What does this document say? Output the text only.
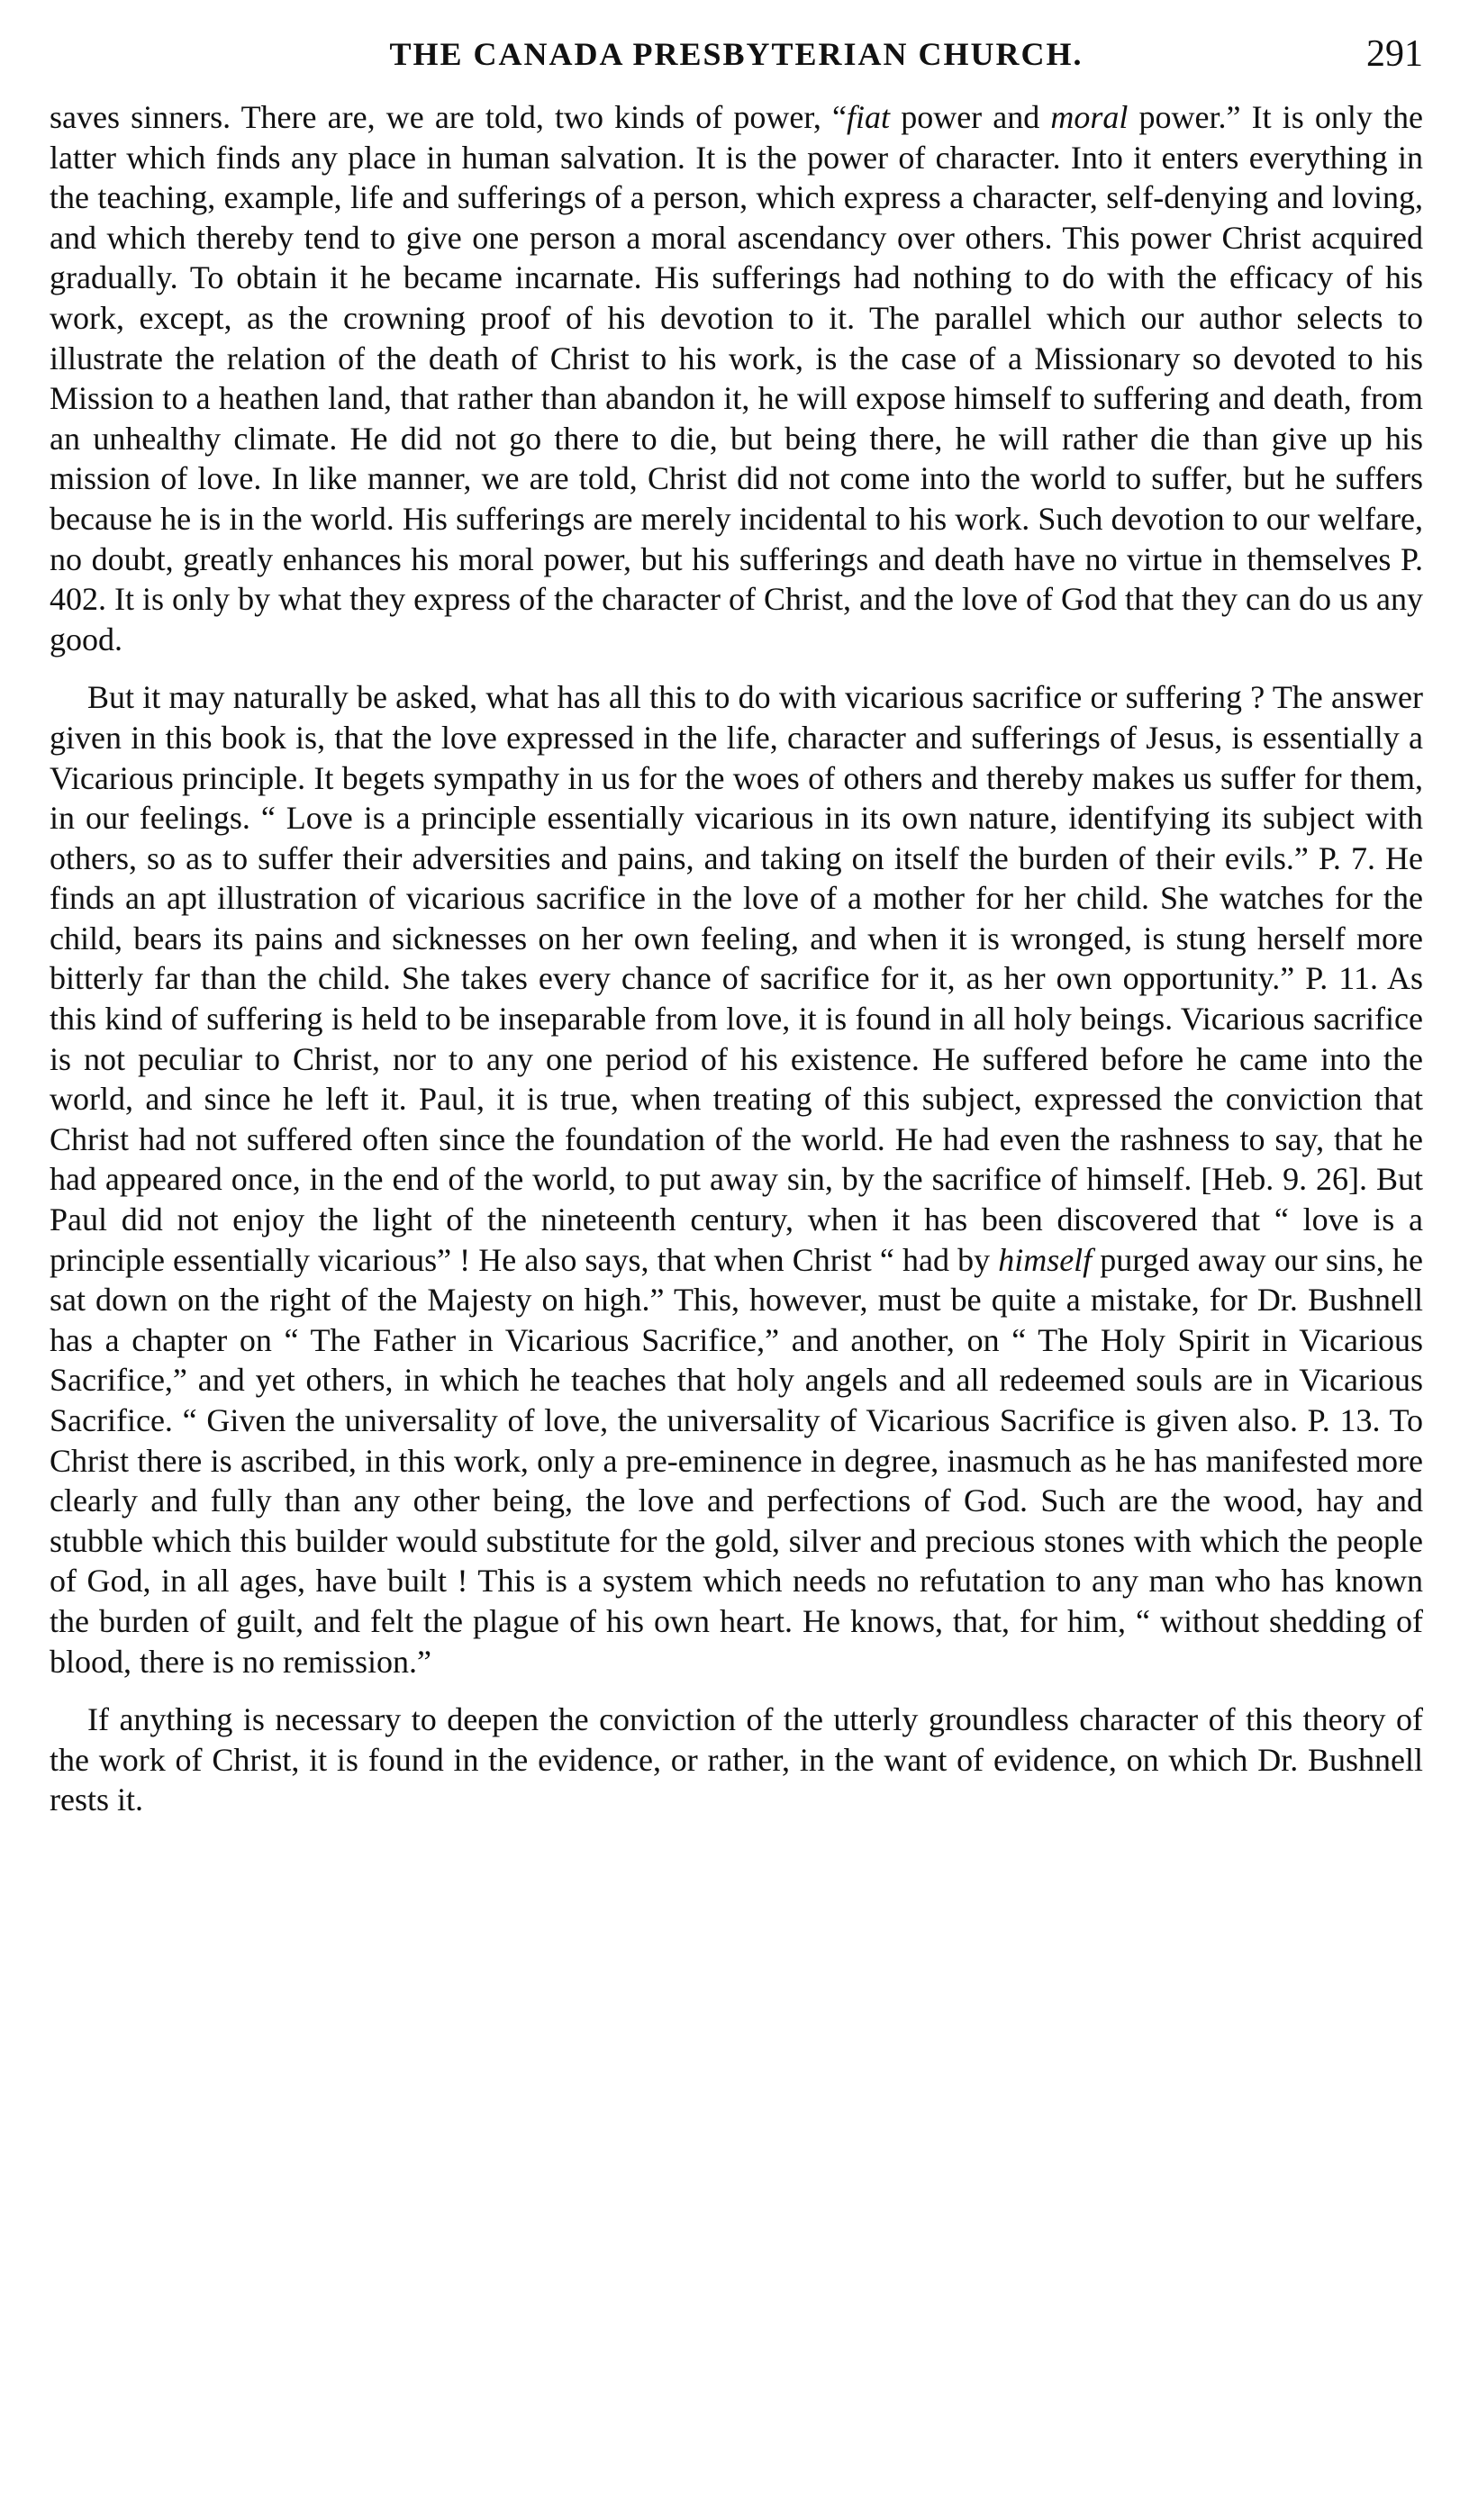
THE CANADA PRESBYTERIAN CHURCH.	291

saves sinners. There are, we are told, two kinds of power, “fiat power and moral power.” It is only the latter which finds any place in human salvation. It is the power of character. Into it enters everything in the teaching, example, life and sufferings of a person, which express a character, self-denying and loving, and which thereby tend to give one person a moral ascendancy over others. This power Christ acquired gradually. To obtain it he became incarnate. His sufferings had nothing to do with the efficacy of his work, except, as the crowning proof of his devotion to it. The parallel which our author selects to illustrate the relation of the death of Christ to his work, is the case of a Missionary so devoted to his Mission to a heathen land, that rather than abandon it, he will expose himself to suffering and death, from an unhealthy climate. He did not go there to die, but being there, he will rather die than give up his mission of love. In like manner, we are told, Christ did not come into the world to suffer, but he suffers because he is in the world. His sufferings are merely incidental to his work. Such devotion to our welfare, no doubt, greatly enhances his moral power, but his sufferings and death have no virtue in themselves P. 402. It is only by what they express of the character of Christ, and the love of God that they can do us any good.

But it may naturally be asked, what has all this to do with vicarious sacrifice or suffering ? The answer given in this book is, that the love expressed in the life, character and sufferings of Jesus, is essentially a Vicarious principle. It begets sympathy in us for the woes of others and thereby makes us suffer for them, in our feelings. “ Love is a principle essentially vicarious in its own nature, identifying its subject with others, so as to suffer their adversities and pains, and taking on itself the burden of their evils.” P. 7. He finds an apt illustration of vicarious sacrifice in the love of a mother for her child. She watches for the child, bears its pains and sicknesses on her own feeling, and when it is wronged, is stung herself more bitterly far than the child. She takes every chance of sacrifice for it, as her own opportunity.” P. 11. As this kind of suffering is held to be inseparable from love, it is found in all holy beings. Vicarious sacrifice is not peculiar to Christ, nor to any one period of his existence. He suffered before he came into the world, and since he left it. Paul, it is true, when treating of this subject, expressed the conviction that Christ had not suffered often since the foundation of the world. He had even the rashness to say, that he had appeared once, in the end of the world, to put away sin, by the sacrifice of himself. [Heb. 9. 26]. But Paul did not enjoy the light of the nineteenth century, when it has been discovered that “ love is a principle essentially vicarious” ! He also says, that when Christ “ had by himself purged away our sins, he sat down on the right of the Majesty on high.” This, however, must be quite a mistake, for Dr. Bushnell has a chapter on “ The Father in Vicarious Sacrifice,” and another, on “ The Holy Spirit in Vicarious Sacrifice,” and yet others, in which he teaches that holy angels and all redeemed souls are in Vicarious Sacrifice. “ Given the universality of love, the universality of Vicarious Sacrifice is given also. P. 13. To Christ there is ascribed, in this work, only a pre-eminence in degree, inasmuch as he has manifested more clearly and fully than any other being, the love and perfections of God. Such are the wood, hay and stubble which this builder would substitute for the gold, silver and precious stones with which the people of God, in all ages, have built ! This is a system which needs no refutation to any man who has known the burden of guilt, and felt the plague of his own heart. He knows, that, for him, “ without shedding of blood, there is no remission.”

If anything is necessary to deepen the conviction of the utterly groundless character of this theory of the work of Christ, it is found in the evidence, or rather, in the want of evidence, on which Dr. Bushnell rests it.
